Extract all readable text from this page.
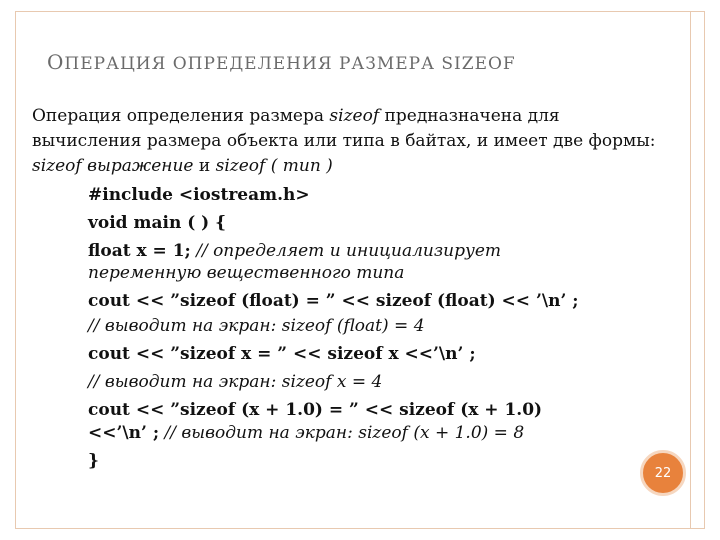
ОПЕРАЦИЯ ОПРЕДЕЛЕНИЯ РАЗМЕРА SIZEOF
Операция определения размера sizeof предназначена для вычисления размера объекта или типа в байтах, и имеет две формы: sizeof выражение и sizeof ( тип )
#include <iostream.h>
void main ( ) {
float x = 1; // определяет и инициализирует
переменную вещественного типа
cout << ”sizeof (float) = ” << sizeof (float) << ’\n’ ;
// выводит на экран: sizeof (float) = 4
cout << ”sizeof x = ” << sizeof x <<’\n’ ;
// выводит на экран: sizeof x = 4
cout << ”sizeof (x + 1.0) = ” << sizeof (x + 1.0)
<<’\n’ ; // выводит на экран: sizeof (x + 1.0) = 8
}
22
